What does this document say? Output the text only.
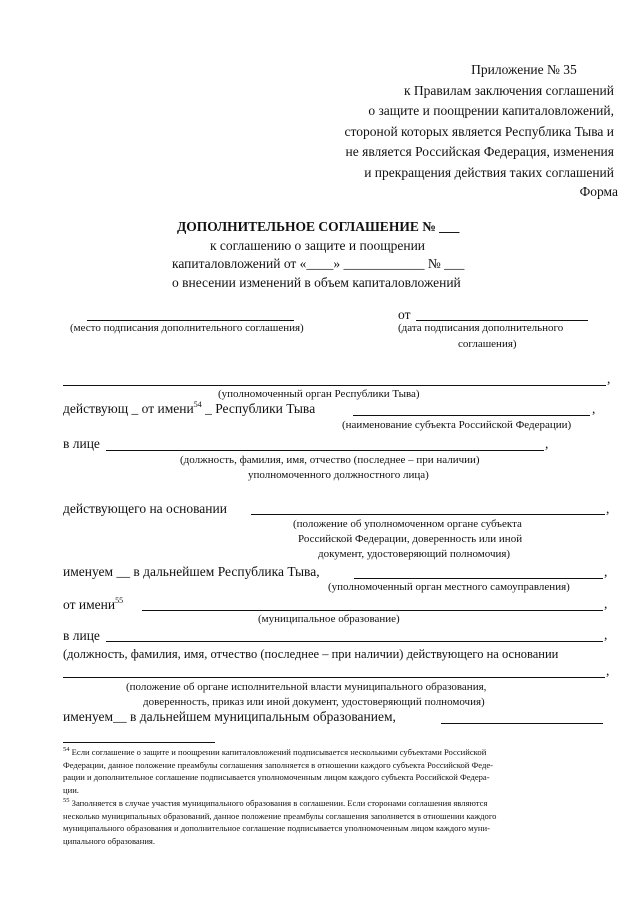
Приложение № 35
к Правилам заключения соглашений
о защите и поощрении капиталовложений,
стороной которых является Республика Тыва и
не является Российская Федерация, изменения
и прекращения действия таких соглашений
Форма
ДОПОЛНИТЕЛЬНОЕ СОГЛАШЕНИЕ № ___
к соглашению о защите и поощрении
капиталовложений от «____» ____________ № ___
о внесении изменений в объем капиталовложений
от
(место подписания дополнительного соглашения)	(дата подписания дополнительного
соглашения)
,
(уполномоченный орган Республики Тыва)
действующ _ от имени$^{54}$ _ Республики Тывa	,
(наименование субъекта Российской Федерации)
в лице	,
(должность, фамилия, имя, отчество (последнее – при наличии)
уполномоченного должностного лица)
действующего на основании	,
(положение об уполномоченном органе субъекта
Российской Федерации, доверенность или иной
документ, удостоверяющий полномочия)
именуем __ в дальнейшем Республика Тыва,	,
(уполномоченный орган местного самоуправления)
от имени$^{55}$	,
(муниципальное образование)
в лице	,
(должность, фамилия, имя, отчество (последнее – при наличии) действующего на основании
,
(положение об органе исполнительной власти муниципального образования,
доверенность, приказ или иной документ, удостоверяющий полномочия)
именуем__ в дальнейшем муниципальным образованием,
$^{54}$ Если соглашение о защите и поощрении капиталовложений подписывается несколькими субъектами Российской
Федерации, данное положение преамбулы соглашения заполняется в отношении каждого субъекта Российской Феде-
рации и дополнительное соглашение подписывается уполномоченным лицом каждого субъекта Российской Федера-
ции.
$^{55}$ Заполняется в случае участия муниципального образования в соглашении. Если сторонами соглашения являются
несколько муниципальных образований, данное положение преамбулы соглашения заполняется в отношении каждого
муниципального образования и дополнительное соглашение подписывается уполномоченным лицом каждого муни-
ципального образования.
